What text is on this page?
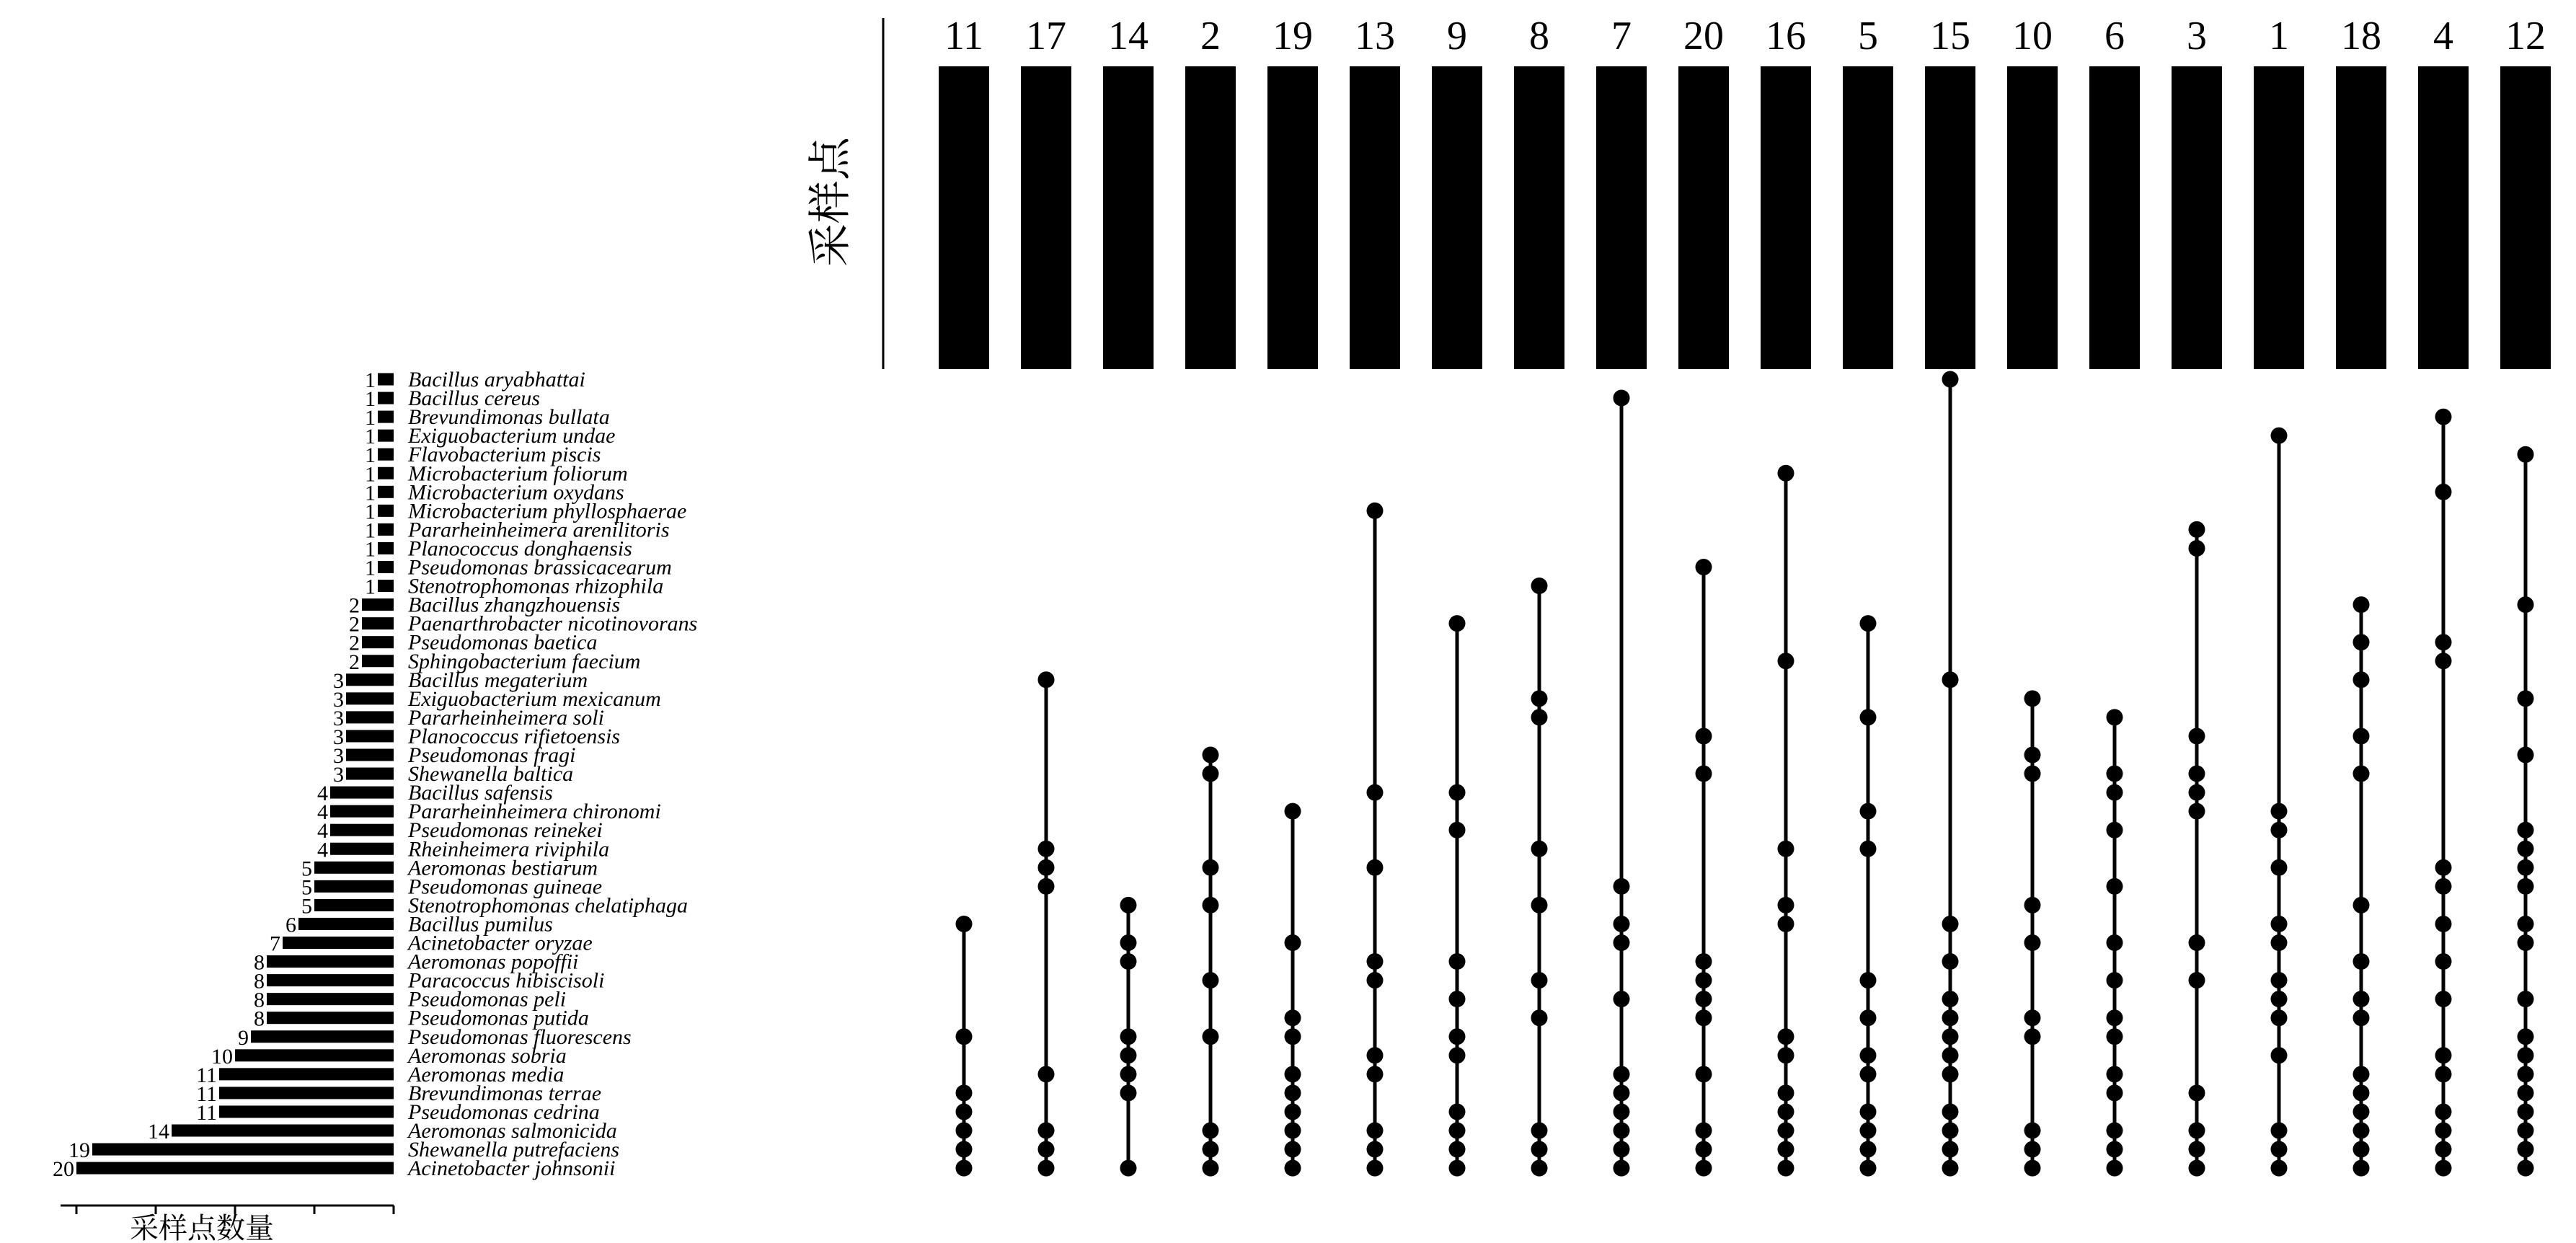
采样点
采样点数量
11 17 14 2 19 13 9 8 7 20 16 5 15 10 6 3 1 18 4 12
1
1
1
1
1
1
1
1
1
1
1
1
2
2
2
2
3
3
3
3
3
3
4
4
4
4
5
5
5
6
7
8
8
8
8
9
10
11
11
11
14
19
20
Bacillus aryabhattai
Bacillus cereus
Brevundimonas bullata
Exiguobacterium undae
Flavobacterium piscis
Microbacterium foliorum
Microbacterium oxydans
Microbacterium phyllosphaerae
Pararheinheimera arenilitoris
Planococcus donghaensis
Pseudomonas brassicacearum
Stenotrophomonas rhizophila
Bacillus zhangzhouensis
Paenarthrobacter nicotinovorans
Pseudomonas baetica
Sphingobacterium faecium
Bacillus megaterium
Exiguobacterium mexicanum
Pararheinheimera soli
Planococcus rifietoensis
Pseudomonas fragi
Shewanella baltica
Bacillus safensis
Pararheinheimera chironomi
Pseudomonas reinekei
Rheinheimera riviphila
Aeromonas bestiarum
Pseudomonas guineae
Stenotrophomonas chelatiphaga
Bacillus pumilus
Acinetobacter oryzae
Aeromonas popoffii
Paracoccus hibiscisoli
Pseudomonas peli
Pseudomonas putida
Pseudomonas fluorescens
Aeromonas sobria
Aeromonas media
Brevundimonas terrae
Pseudomonas cedrina
Aeromonas salmonicida
Shewanella putrefaciens
Acinetobacter johnsonii
